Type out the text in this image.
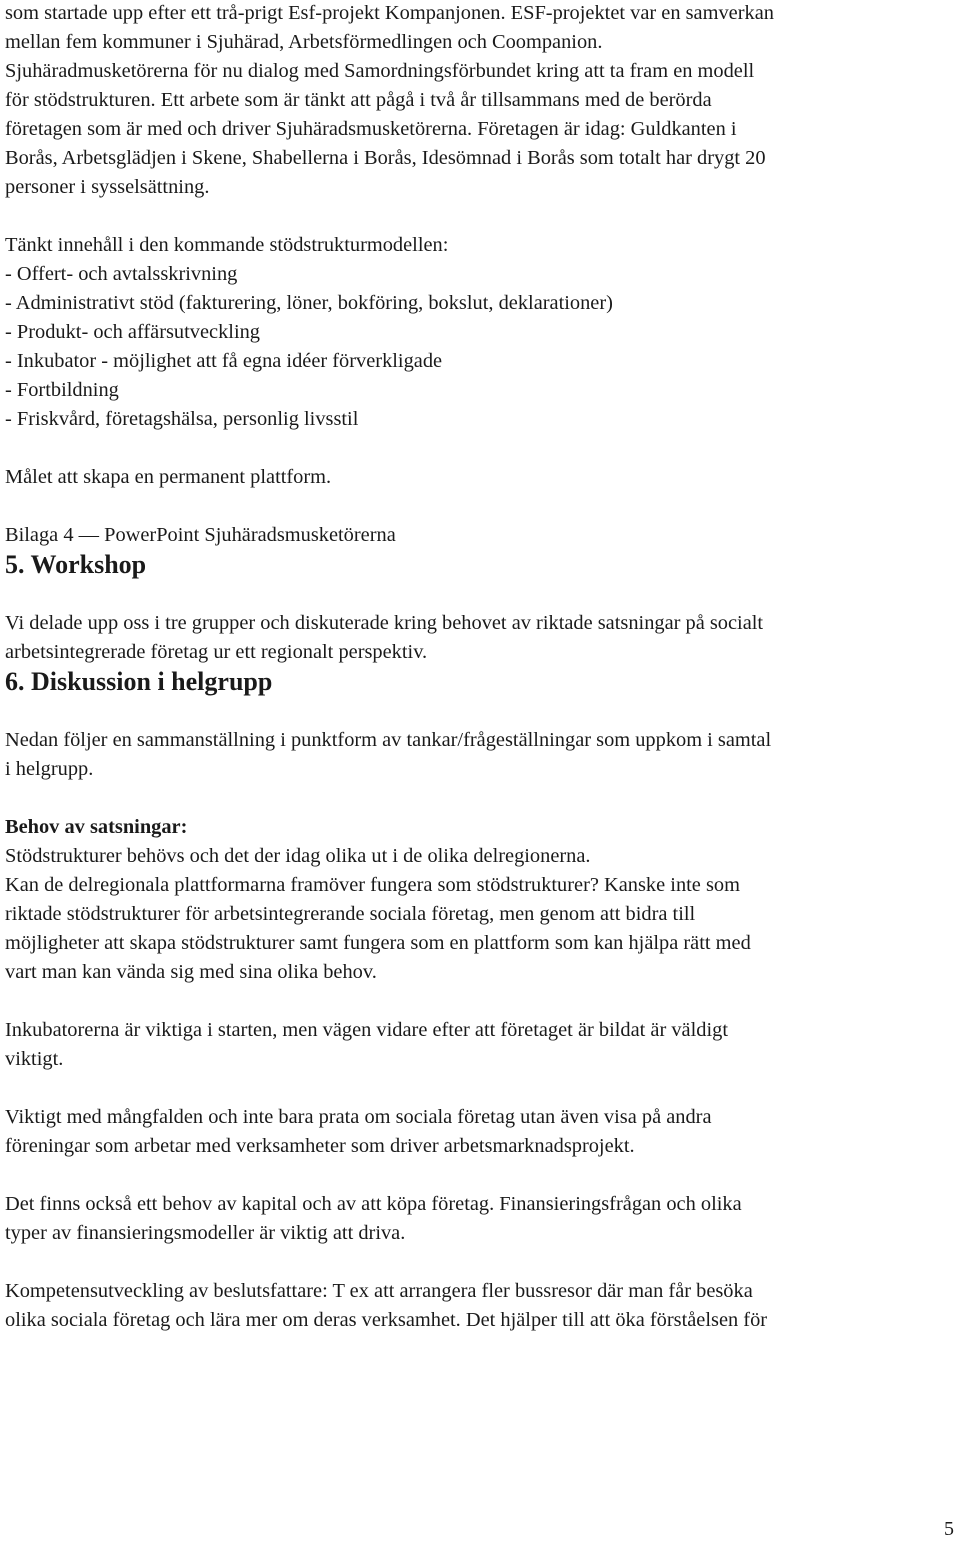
som startade upp efter ett trå-prigt Esf-projekt Kompanjonen. ESF-projektet var en samverkan
mellan fem kommuner i Sjuhärad, Arbetsförmedlingen och Coompanion.
Sjuhäradmusketörerna för nu dialog med Samordningsförbundet kring att ta fram en modell
för stödstrukturen. Ett arbete som är tänkt att pågå i två år tillsammans med de berörda
företagen som är med och driver Sjuhäradsmusketörerna. Företagen är idag: Guldkanten i
Borås, Arbetsglädjen i Skene, Shabellerna i Borås, Idesömnad i Borås som totalt har drygt 20
personer i sysselsättning.

Tänkt innehåll i den kommande stödstrukturmodellen:
- Offert- och avtalsskrivning
- Administrativt stöd (fakturering, löner, bokföring, bokslut, deklarationer)
- Produkt- och affärsutveckling
- Inkubator - möjlighet att få egna idéer förverkligade
- Fortbildning
- Friskvård, företagshälsa, personlig livsstil

Målet att skapa en permanent plattform.

Bilaga 4 — PowerPoint Sjuhäradsmusketörerna

5. Workshop

Vi delade upp oss i tre grupper och diskuterade kring behovet av riktade satsningar på socialt
arbetsintegrerade företag ur ett regionalt perspektiv.

6. Diskussion i helgrupp

Nedan följer en sammanställning i punktform av tankar/frågeställningar som uppkom i samtal
i helgrupp.

Behov av satsningar:
Stödstrukturer behövs och det der idag olika ut i de olika delregionerna.
Kan de delregionala plattformarna framöver fungera som stödstrukturer? Kanske inte som
riktade stödstrukturer för arbetsintegrerande sociala företag, men genom att bidra till
möjligheter att skapa stödstrukturer samt fungera som en plattform som kan hjälpa rätt med
vart man kan vända sig med sina olika behov.

Inkubatorerna är viktiga i starten, men vägen vidare efter att företaget är bildat är väldigt
viktigt.

Viktigt med mångfalden och inte bara prata om sociala företag utan även visa på andra
föreningar som arbetar med verksamheter som driver arbetsmarknadsprojekt.

Det finns också ett behov av kapital och av att köpa företag. Finansieringsfrågan och olika
typer av finansieringsmodeller är viktig att driva.

Kompetensutveckling av beslutsfattare: T ex att arrangera fler bussresor där man får besöka
olika sociala företag och lära mer om deras verksamhet. Det hjälper till att öka förståelsen för

5
